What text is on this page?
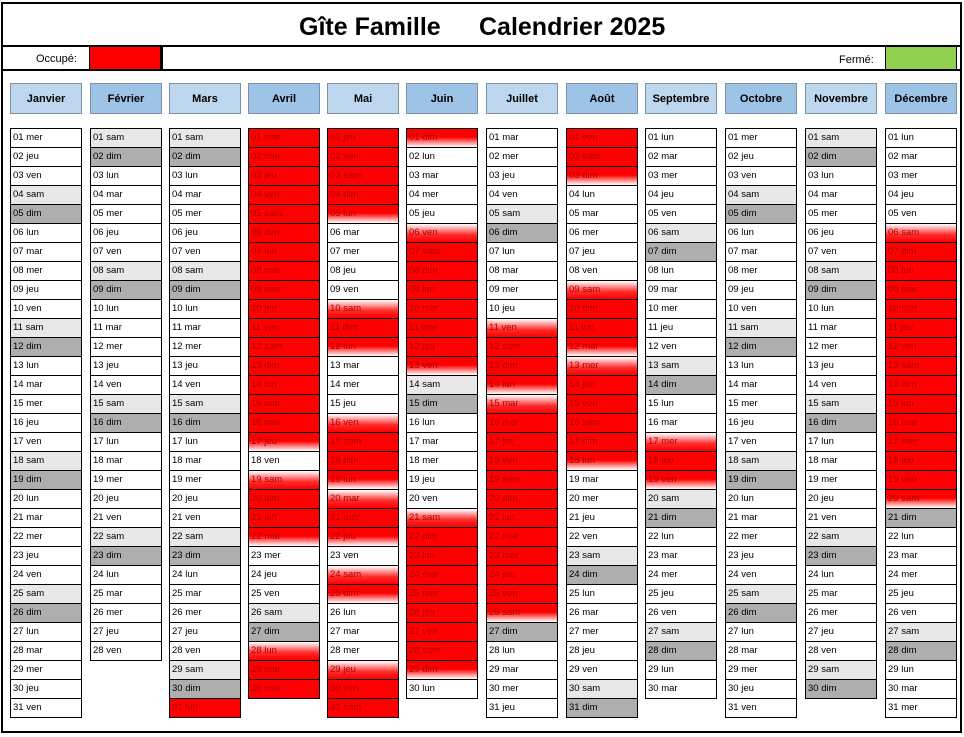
Gîte Famille Calendrier 2025
Occupé:	Fermé:
Janvier
01 mer
02 jeu
03 ven
04 sam
05 dim
06 lun
07 mar
08 mer
09 jeu
10 ven
11 sam
12 dim
13 lun
14 mar
15 mer
16 jeu
17 ven
18 sam
19 dim
20 lun
21 mar
22 mer
23 jeu
24 ven
25 sam
26 dim
27 lun
28 mar
29 mer
30 jeu
31 ven
Février
01 sam
02 dim
03 lun
04 mar
05 mer
06 jeu
07 ven
08 sam
09 dim
10 lun
11 mar
12 mer
13 jeu
14 ven
15 sam
16 dim
17 lun
18 mar
19 mer
20 jeu
21 ven
22 sam
23 dim
24 lun
25 mar
26 mer
27 jeu
28 ven
Mars
01 sam
02 dim
03 lun
04 mar
05 mer
06 jeu
07 ven
08 sam
09 dim
10 lun
11 mar
12 mer
13 jeu
14 ven
15 sam
16 dim
17 lun
18 mar
19 mer
20 jeu
21 ven
22 sam
23 dim
24 lun
25 mar
26 mer
27 jeu
28 ven
29 sam
30 dim
31 lun
Avril
01 mar
02 mer
03 jeu
04 ven
05 sam
06 dim
07 lun
08 mar
09 mer
10 jeu
11 ven
12 sam
13 dim
14 lun
15 mar
16 mer
17 jeu
18 ven
19 sam
20 dim
21 lun
22 mar
23 mer
24 jeu
25 ven
26 sam
27 dim
28 lun
29 mar
30 mer
Mai
01 jeu
02 ven
03 sam
04 dim
05 lun
06 mar
07 mer
08 jeu
09 ven
10 sam
11 dim
12 lun
13 mar
14 mer
15 jeu
16 ven
17 sam
18 dim
19 lun
20 mar
21 mer
22 jeu
23 ven
24 sam
25 dim
26 lun
27 mar
28 mer
29 jeu
30 ven
31 sam
Juin
01 dim
02 lun
03 mar
04 mer
05 jeu
06 ven
07 sam
08 dim
09 lun
10 mar
11 mer
12 jeu
13 ven
14 sam
15 dim
16 lun
17 mar
18 mer
19 jeu
20 ven
21 sam
22 dim
23 lun
24 mar
25 mer
26 jeu
27 ven
28 sam
29 dim
30 lun
Juillet
01 mar
02 mer
03 jeu
04 ven
05 sam
06 dim
07 lun
08 mar
09 mer
10 jeu
11 ven
12 sam
13 dim
14 lun
15 mar
16 mer
17 jeu
18 ven
19 sam
20 dim
21 lun
22 mar
23 mer
24 jeu
25 ven
26 sam
27 dim
28 lun
29 mar
30 mer
31 jeu
Août
01 ven
02 sam
03 dim
04 lun
05 mar
06 mer
07 jeu
08 ven
09 sam
10 dim
11 lun
12 mar
13 mer
14 jeu
15 ven
16 sam
17 dim
18 lun
19 mar
20 mer
21 jeu
22 ven
23 sam
24 dim
25 lun
26 mar
27 mer
28 jeu
29 ven
30 sam
31 dim
Septembre
01 lun
02 mar
03 mer
04 jeu
05 ven
06 sam
07 dim
08 lun
09 mar
10 mer
11 jeu
12 ven
13 sam
14 dim
15 lun
16 mar
17 mer
18 jeu
19 ven
20 sam
21 dim
22 lun
23 mar
24 mer
25 jeu
26 ven
27 sam
28 dim
29 lun
30 mar
Octobre
01 mer
02 jeu
03 ven
04 sam
05 dim
06 lun
07 mar
08 mer
09 jeu
10 ven
11 sam
12 dim
13 lun
14 mar
15 mer
16 jeu
17 ven
18 sam
19 dim
20 lun
21 mar
22 mer
23 jeu
24 ven
25 sam
26 dim
27 lun
28 mar
29 mer
30 jeu
31 ven
Novembre
01 sam
02 dim
03 lun
04 mar
05 mer
06 jeu
07 ven
08 sam
09 dim
10 lun
11 mar
12 mer
13 jeu
14 ven
15 sam
16 dim
17 lun
18 mar
19 mer
20 jeu
21 ven
22 sam
23 dim
24 lun
25 mar
26 mer
27 jeu
28 ven
29 sam
30 dim
Décembre
01 lun
02 mar
03 mer
04 jeu
05 ven
06 sam
07 dim
08 lun
09 mar
10 mer
11 jeu
12 ven
13 sam
14 dim
15 lun
16 mar
17 mer
18 jeu
19 ven
20 sam
21 dim
22 lun
23 mar
24 mer
25 jeu
26 ven
27 sam
28 dim
29 lun
30 mar
31 mer
